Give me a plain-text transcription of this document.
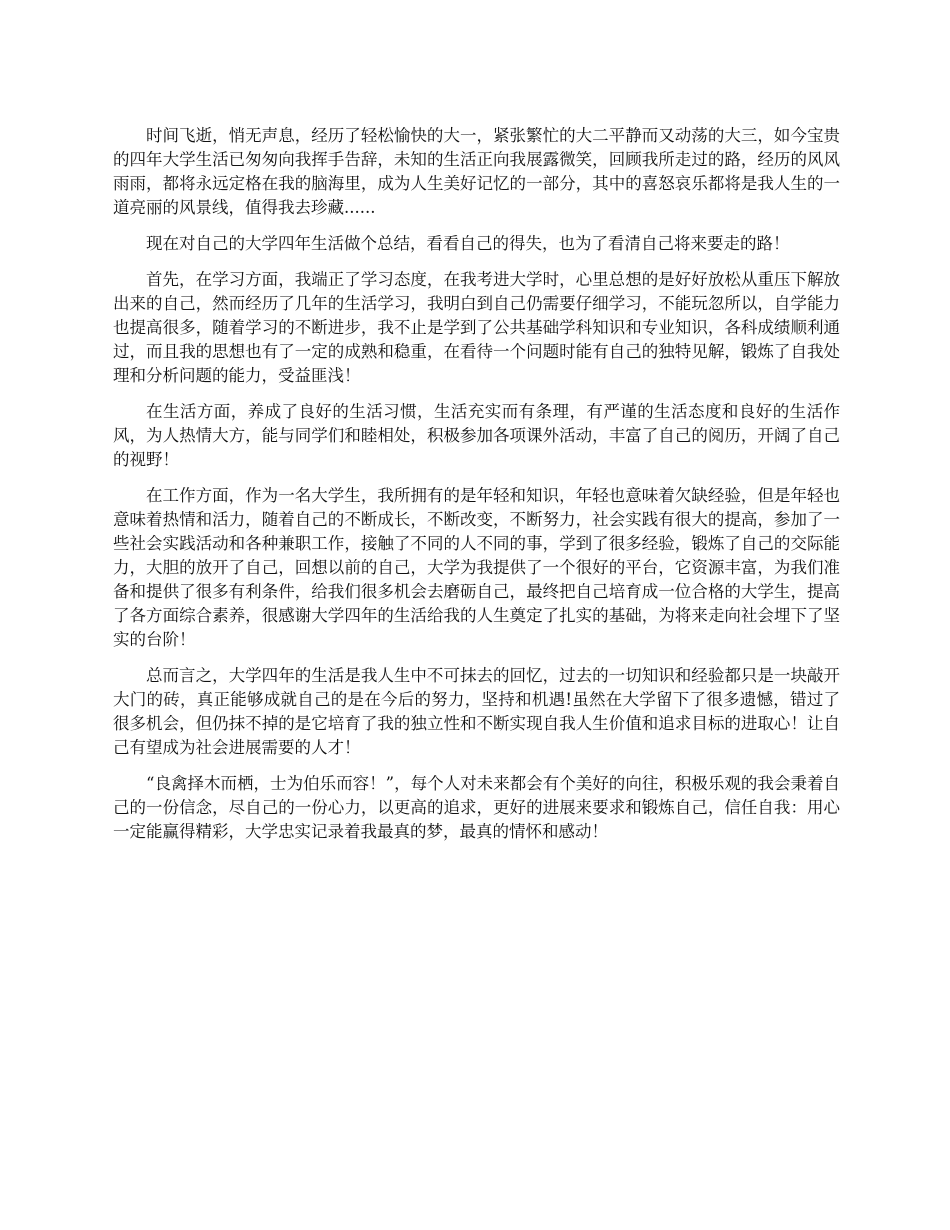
时间飞逝，悄无声息，经历了轻松愉快的大一，紧张繁忙的大二平静而又动荡的大三，如今宝贵的四年大学生活已匆匆向我挥手告辞，未知的生活正向我展露微笑，回顾我所走过的路，经历的风风雨雨，都将永远定格在我的脑海里，成为人生美好记忆的一部分，其中的喜怒哀乐都将是我人生的一道亮丽的风景线，值得我去珍藏......

现在对自己的大学四年生活做个总结，看看自己的得失，也为了看清自己将来要走的路！

首先，在学习方面，我端正了学习态度，在我考进大学时，心里总想的是好好放松从重压下解放出来的自己，然而经历了几年的生活学习，我明白到自己仍需要仔细学习，不能玩忽所以，自学能力也提高很多，随着学习的不断进步，我不止是学到了公共基础学科知识和专业知识，各科成绩顺利通过，而且我的思想也有了一定的成熟和稳重，在看待一个问题时能有自己的独特见解，锻炼了自我处理和分析问题的能力，受益匪浅！

在生活方面，养成了良好的生活习惯，生活充实而有条理，有严谨的生活态度和良好的生活作风，为人热情大方，能与同学们和睦相处，积极参加各项课外活动，丰富了自己的阅历，开阔了自己的视野！

在工作方面，作为一名大学生，我所拥有的是年轻和知识，年轻也意味着欠缺经验，但是年轻也意味着热情和活力，随着自己的不断成长，不断改变，不断努力，社会实践有很大的提高，参加了一些社会实践活动和各种兼职工作，接触了不同的人不同的事，学到了很多经验，锻炼了自己的交际能力，大胆的放开了自己，回想以前的自己，大学为我提供了一个很好的平台，它资源丰富，为我们准备和提供了很多有利条件，给我们很多机会去磨砺自己，最终把自己培育成一位合格的大学生，提高了各方面综合素养，很感谢大学四年的生活给我的人生奠定了扎实的基础，为将来走向社会埋下了坚实的台阶！

总而言之，大学四年的生活是我人生中不可抹去的回忆，过去的一切知识和经验都只是一块敲开大门的砖，真正能够成就自己的是在今后的努力，坚持和机遇!虽然在大学留下了很多遗憾，错过了很多机会，但仍抹不掉的是它培育了我的独立性和不断实现自我人生价值和追求目标的进取心！让自己有望成为社会进展需要的人才！

“良禽择木而栖，士为伯乐而容！”，每个人对未来都会有个美好的向往，积极乐观的我会秉着自己的一份信念，尽自己的一份心力，以更高的追求，更好的进展来要求和锻炼自己，信任自我：用心一定能赢得精彩，大学忠实记录着我最真的梦，最真的情怀和感动！
